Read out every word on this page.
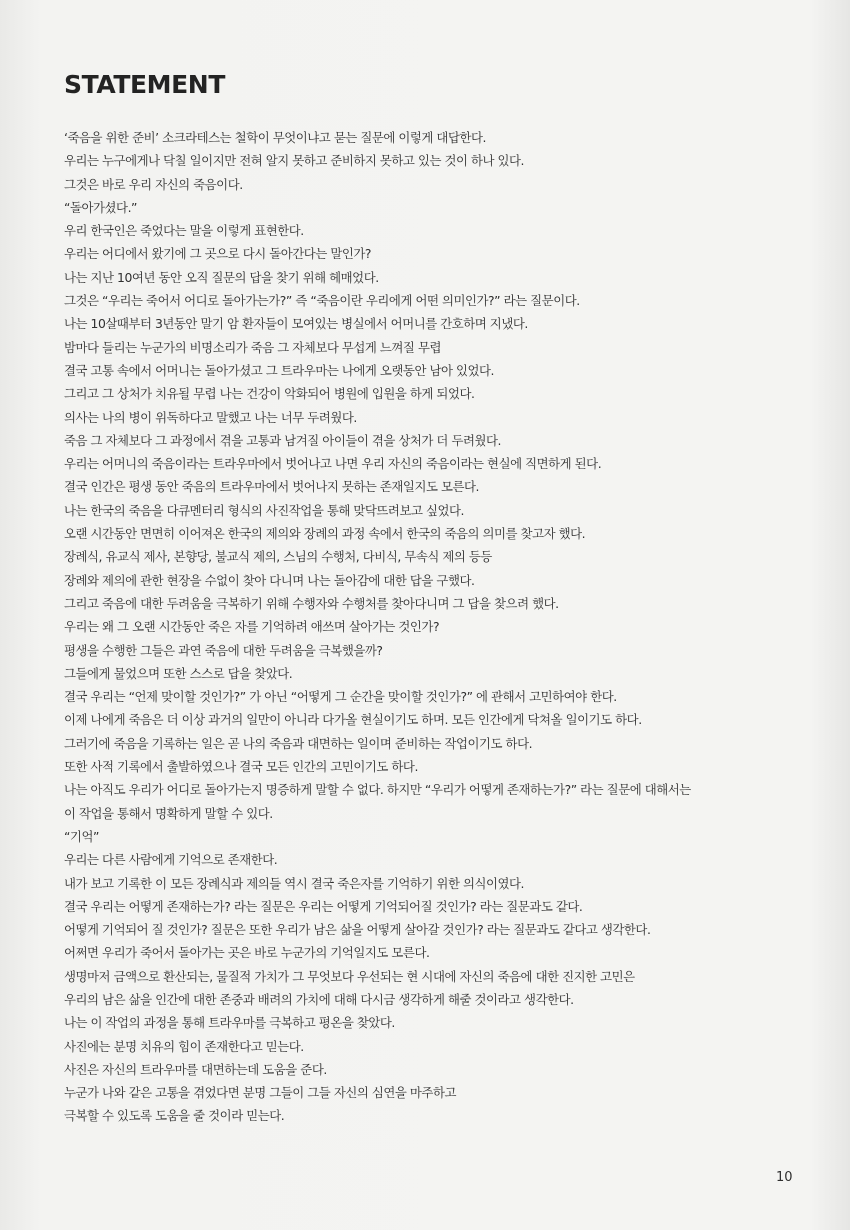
STATEMENT
‘죽음을 위한 준비’ 소크라테스는 철학이 무엇이냐고 묻는 질문에 이렇게 대답한다.
우리는 누구에게나 닥칠 일이지만 전혀 알지 못하고 준비하지 못하고 있는 것이 하나 있다.
그것은 바로 우리 자신의 죽음이다.
“돌아가셨다.”
우리 한국인은 죽었다는 말을 이렇게 표현한다.
우리는 어디에서 왔기에 그 곳으로 다시 돌아간다는 말인가?
나는 지난 10여년 동안 오직 질문의 답을 찾기 위해 헤매었다.
그것은 “우리는 죽어서 어디로 돌아가는가?” 즉 “죽음이란 우리에게 어떤 의미인가?” 라는 질문이다.
나는 10살때부터 3년동안 말기 암 환자들이 모여있는 병실에서 어머니를 간호하며 지냈다.
밤마다 들리는 누군가의 비명소리가 죽음 그 자체보다 무섭게 느껴질 무렵
결국 고통 속에서 어머니는 돌아가셨고 그 트라우마는 나에게 오랫동안 남아 있었다.
그리고 그 상처가 치유될 무렵 나는 건강이 악화되어 병원에 입원을 하게 되었다.
의사는 나의 병이 위독하다고 말했고 나는 너무 두려웠다.
죽음 그 자체보다 그 과정에서 겪을 고통과 남겨질 아이들이 겪을 상처가 더 두려웠다.
우리는 어머니의 죽음이라는 트라우마에서 벗어나고 나면 우리 자신의 죽음이라는 현실에 직면하게 된다.
결국 인간은 평생 동안 죽음의 트라우마에서 벗어나지 못하는 존재일지도 모른다.
나는 한국의 죽음을 다큐멘터리 형식의 사진작업을 통해 맞닥뜨려보고 싶었다.
오랜 시간동안 면면히 이어져온 한국의 제의와 장례의 과정 속에서 한국의 죽음의 의미를 찾고자 했다.
장례식, 유교식 제사, 본향당, 불교식 제의, 스님의 수행처, 다비식, 무속식 제의 등등
장례와 제의에 관한 현장을 수없이 찾아 다니며 나는 돌아감에 대한 답을 구했다.
그리고 죽음에 대한 두려움을 극복하기 위해 수행자와 수행처를 찾아다니며 그 답을 찾으려 했다.
우리는 왜 그 오랜 시간동안 죽은 자를 기억하려 애쓰며 살아가는 것인가?
평생을 수행한 그들은 과연 죽음에 대한 두려움을 극복했을까?
그들에게 물었으며 또한 스스로 답을 찾았다.
결국 우리는 “언제 맞이할 것인가?” 가 아닌 “어떻게 그 순간을 맞이할 것인가?” 에 관해서 고민하여야 한다.
이제 나에게 죽음은 더 이상 과거의 일만이 아니라 다가올 현실이기도 하며. 모든 인간에게 닥쳐올 일이기도 하다.
그러기에 죽음을 기록하는 일은 곧 나의 죽음과 대면하는 일이며 준비하는 작업이기도 하다.
또한 사적 기록에서 출발하였으나 결국 모든 인간의 고민이기도 하다.
나는 아직도 우리가 어디로 돌아가는지 명증하게 말할 수 없다. 하지만 “우리가 어떻게 존재하는가?” 라는 질문에 대해서는
이 작업을 통해서 명확하게 말할 수 있다.
“기억”
우리는 다른 사람에게 기억으로 존재한다.
내가 보고 기록한 이 모든 장례식과 제의들 역시 결국 죽은자를 기억하기 위한 의식이였다.
결국 우리는 어떻게 존재하는가? 라는 질문은 우리는 어떻게 기억되어질 것인가? 라는 질문과도 같다.
어떻게 기억되어 질 것인가? 질문은 또한 우리가 남은 삶을 어떻게 살아갈 것인가? 라는 질문과도 같다고 생각한다.
어쩌면 우리가 죽어서 돌아가는 곳은 바로 누군가의 기억일지도 모른다.
생명마저 금액으로 환산되는, 물질적 가치가 그 무엇보다 우선되는 현 시대에 자신의 죽음에 대한 진지한 고민은
우리의 남은 삶을 인간에 대한 존중과 배려의 가치에 대해 다시금 생각하게 해줄 것이라고 생각한다.
나는 이 작업의 과정을 통해 트라우마를 극복하고 평온을 찾았다.
사진에는 분명 치유의 힘이 존재한다고 믿는다.
사진은 자신의 트라우마를 대면하는데 도움을 준다.
누군가 나와 같은 고통을 겪었다면 분명 그들이 그들 자신의 심연을 마주하고
극복할 수 있도록 도움을 줄 것이라 믿는다.
10
